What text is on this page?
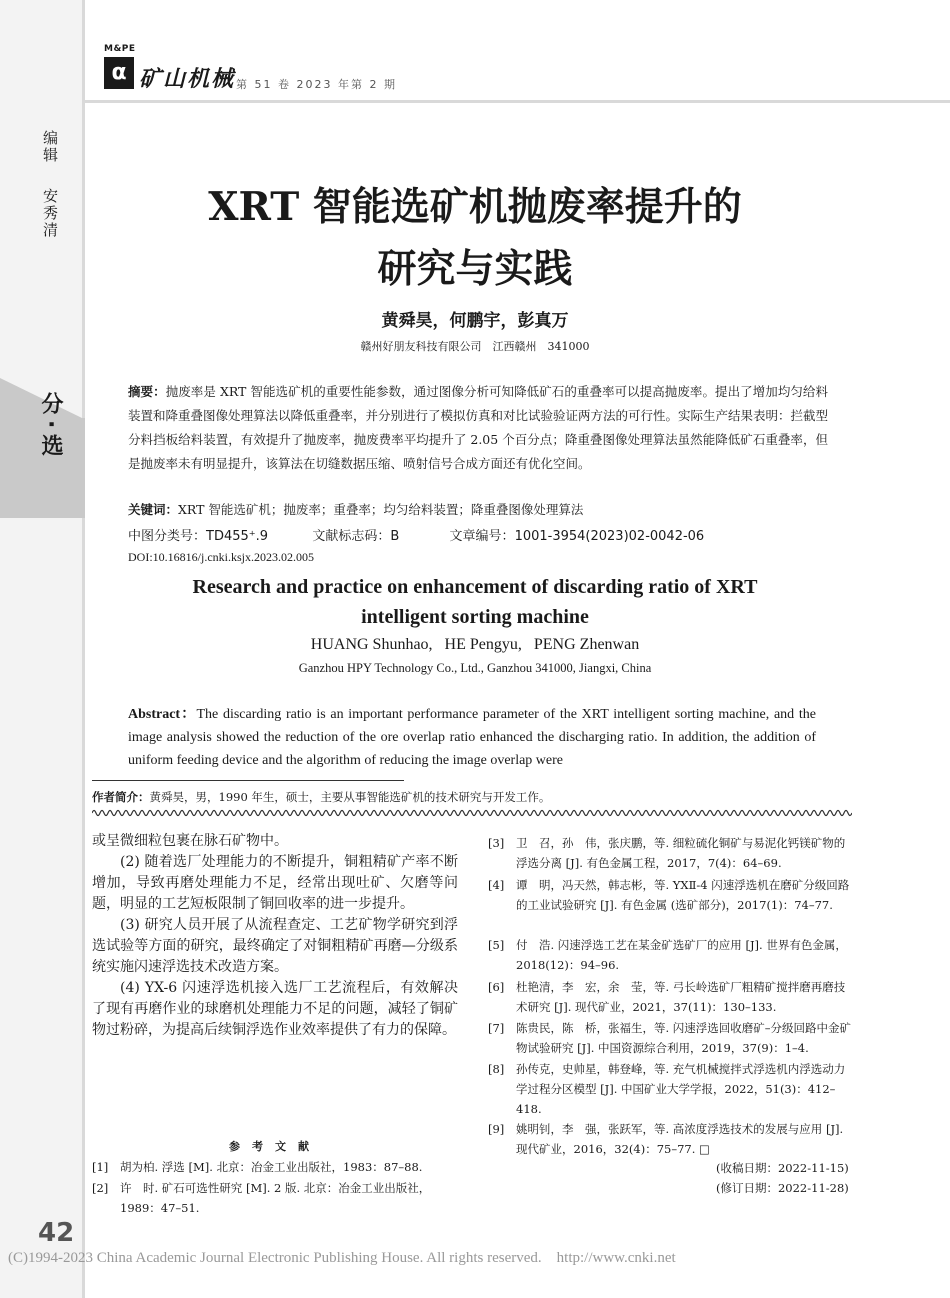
M&PE
α 矿山机械 第 51 卷 2023 年第 2 期
编辑
安秀清
分·选
42
XRT 智能选矿机抛废率提升的
研究与实践
黄舜昊，何鹏宇，彭真万
赣州好朋友科技有限公司　江西赣州　341000
摘要：抛废率是 XRT 智能选矿机的重要性能参数，通过图像分析可知降低矿石的重叠率可以提高抛废率。提出了增加均匀给料装置和降重叠图像处理算法以降低重叠率，并分别进行了模拟仿真和对比试验验证两方法的可行性。实际生产结果表明：拦截型分料挡板给料装置，有效提升了抛废率，抛废费率平均提升了 2.05 个百分点；降重叠图像处理算法虽然能降低矿石重叠率，但是抛废率未有明显提升，该算法在切缝数据压缩、喷射信号合成方面还有优化空间。
关键词：XRT 智能选矿机；抛废率；重叠率；均匀给料装置；降重叠图像处理算法
中图分类号：TD455⁺.9	文献标志码：B	文章编号：1001-3954(2023)02-0042-06
DOI:10.16816/j.cnki.ksjx.2023.02.005
Research and practice on enhancement of discarding ratio of XRT
intelligent sorting machine
HUANG Shunhao,   HE Pengyu,   PENG Zhenwan
Ganzhou HPY Technology Co., Ltd., Ganzhou 341000, Jiangxi, China
Abstract：The discarding ratio is an important performance parameter of the XRT intelligent sorting machine, and the image analysis showed the reduction of the ore overlap ratio enhanced the discharging ratio. In addition, the addition of uniform feeding device and the algorithm of reducing the image overlap were
作者简介：黄舜昊，男，1990 年生，硕士，主要从事智能选矿机的技术研究与开发工作。

或呈微细粒包裹在脉石矿物中。

(2) 随着选厂处理能力的不断提升，铜粗精矿产率不断增加，导致再磨处理能力不足，经常出现吐矿、欠磨等问题，明显的工艺短板限制了铜回收率的进一步提升。

(3) 研究人员开展了从流程查定、工艺矿物学研究到浮选试验等方面的研究，最终确定了对铜粗精矿再磨—分级系统实施闪速浮选技术改造方案。

(4) YX-6 闪速浮选机接入选厂工艺流程后，有效解决了现有再磨作业的球磨机处理能力不足的问题，减轻了铜矿物过粉碎，为提高后续铜浮选作业效率提供了有力的保障。

参考文献
[1] 胡为柏. 浮选 [M]. 北京：冶金工业出版社，1983：87–88.
[2] 许　时. 矿石可选性研究 [M]. 2 版. 北京：冶金工业出版社，1989：47–51.
[3] 卫　召，孙　伟，张庆鹏，等. 细粒硫化铜矿与易泥化钙镁矿物的浮选分离 [J]. 有色金属工程，2017，7(4)：64–69.
[4] 谭　明，冯天然，韩志彬，等. YXⅡ-4 闪速浮选机在磨矿分级回路的工业试验研究 [J]. 有色金属 (选矿部分)，2017(1)：74–77.
[5] 付　浩. 闪速浮选工艺在某金矿选矿厂的应用 [J]. 世界有色金属，2018(12)：94–96.
[6] 杜艳清，李　宏，余　莹，等. 弓长岭选矿厂粗精矿搅拌磨再磨技术研究 [J]. 现代矿业，2021，37(11)：130–133.
[7] 陈贵民，陈　桥，张福生，等. 闪速浮选回收磨矿–分级回路中金矿物试验研究 [J]. 中国资源综合利用，2019，37(9)：1–4.
[8] 孙传克，史帅星，韩登峰，等. 充气机械搅拌式浮选机内浮选动力学过程分区模型 [J]. 中国矿业大学学报，2022，51(3)：412–418.
[9] 姚明钊，李　强，张跃军，等. 高浓度浮选技术的发展与应用 [J]. 现代矿业，2016，32(4)：75–77. □
(收稿日期：2022-11-15)
(修订日期：2022-11-28)
(C)1994-2023 China Academic Journal Electronic Publishing House. All rights reserved.    http://www.cnki.net
